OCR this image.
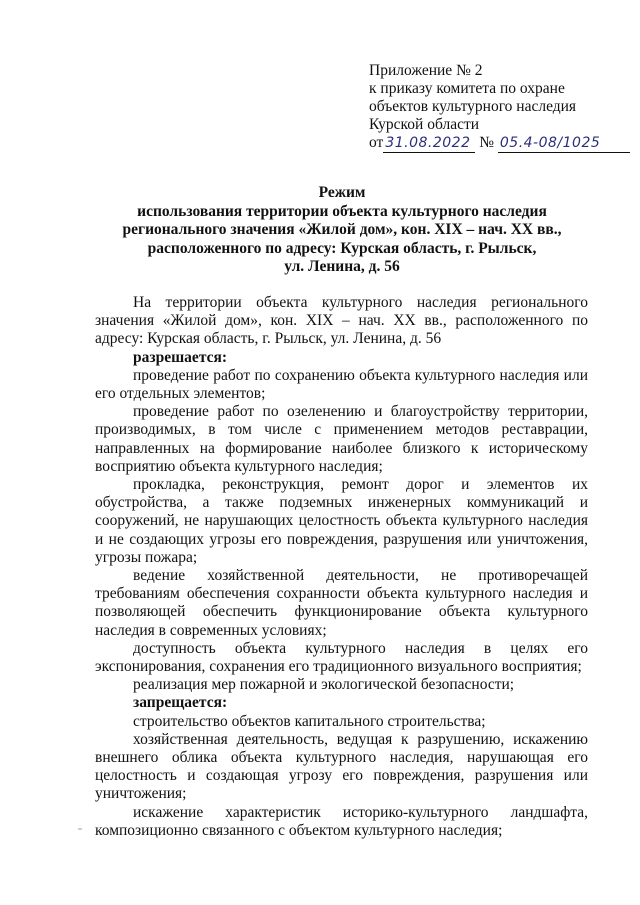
Приложение № 2
к приказу комитета по охране
объектов культурного наследия
Курской области
от 31.08.2022 № 05.4-08/1025
Режим
использования территории объекта культурного наследия
регионального значения «Жилой дом», кон. XIX – нач. XX вв.,
расположенного по адресу: Курская область, г. Рыльск,
ул. Ленина, д. 56

На территории объекта культурного наследия регионального значения «Жилой дом», кон. XIX – нач. XX вв., расположенного по адресу: Курская область, г. Рыльск, ул. Ленина, д. 56

разрешается:

проведение работ по сохранению объекта культурного наследия или его отдельных элементов;

проведение работ по озеленению и благоустройству территории, производимых, в том числе с применением методов реставрации, направленных на формирование наиболее близкого к историческому восприятию объекта культурного наследия;

прокладка, реконструкция, ремонт дорог и элементов их обустройства, а также подземных инженерных коммуникаций и сооружений, не нарушающих целостность объекта культурного наследия и не создающих угрозы его повреждения, разрушения или уничтожения, угрозы пожара;

ведение хозяйственной деятельности, не противоречащей требованиям обеспечения сохранности объекта культурного наследия и позволяющей обеспечить функционирование объекта культурного наследия в современных условиях;

доступность объекта культурного наследия в целях его экспонирования, сохранения его традиционного визуального восприятия;

реализация мер пожарной и экологической безопасности;

запрещается:

строительство объектов капитального строительства;

хозяйственная деятельность, ведущая к разрушению, искажению внешнего облика объекта культурного наследия, нарушающая его целостность и создающая угрозу его повреждения, разрушения или уничтожения;

искажение характеристик историко-культурного ландшафта, композиционно связанного с объектом культурного наследия;
